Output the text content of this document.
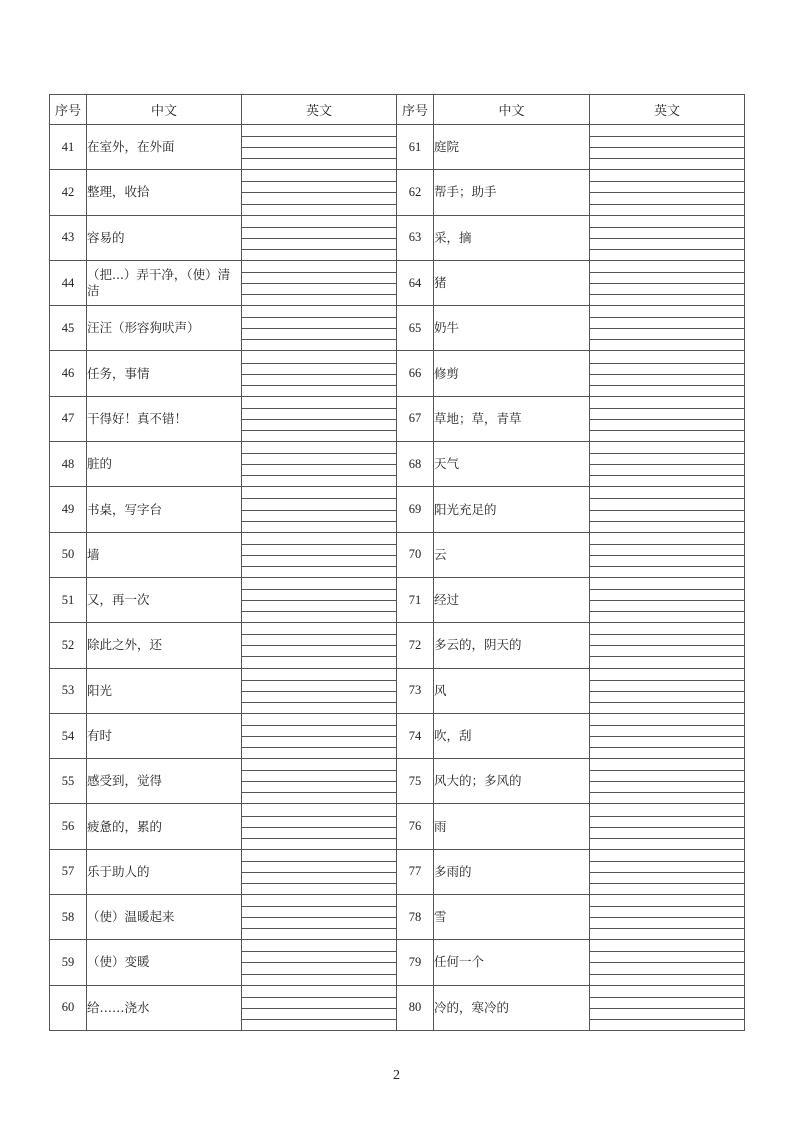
序号	中文	英文	序号	中文	英文
41	在室外，在外面		61	庭院	

42	整理，收拾		62	帮手；助手	

43	容易的		63	采，摘	

44	（把...）弄干净，（使）清洁		64	猪	

45	汪汪（形容狗吠声）		65	奶牛	

46	任务，事情		66	修剪	

47	干得好！真不错！		67	草地；草，青草	

48	脏的		68	天气	

49	书桌，写字台		69	阳光充足的	

50	墙		70	云	

51	又，再一次		71	经过	

52	除此之外，还		72	多云的，阴天的	

53	阳光		73	风	

54	有时		74	吹，刮	

55	感受到，觉得		75	风大的；多风的	

56	疲惫的，累的		76	雨	

57	乐于助人的		77	多雨的	

58	（使）温暖起来		78	雪	

59	（使）变暖		79	任何一个	

60	给……浇水		80	冷的，寒冷的	
2
